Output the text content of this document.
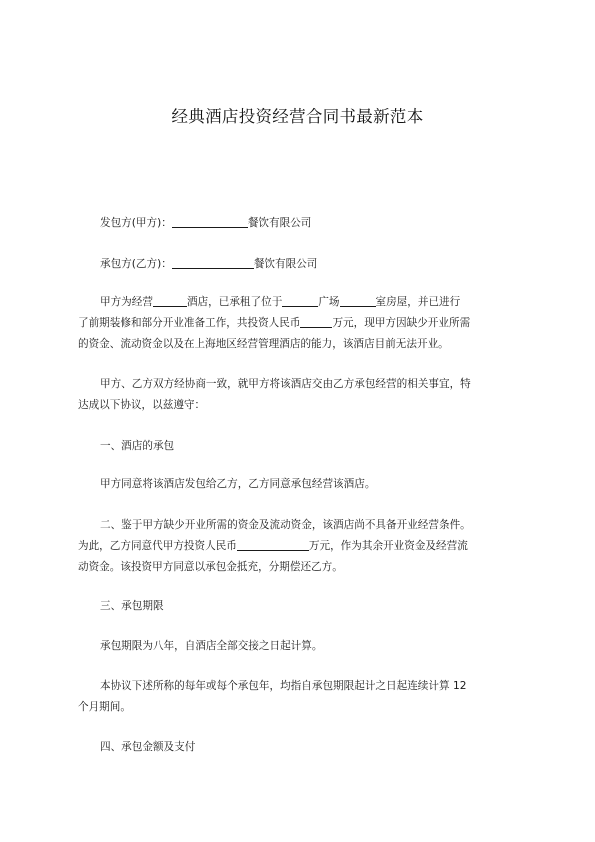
经典酒店投资经营合同书最新范本
发包方(甲方)：	餐饮有限公司
承包方(乙方)：	餐饮有限公司
甲方为经营	酒店，已承租了位于	广场	室房屋，并已进行
了前期装修和部分开业准备工作，共投资人民币	万元，现甲方因缺少开业所需
的资金、流动资金以及在上海地区经营管理酒店的能力，该酒店目前无法开业。
甲方、乙方双方经协商一致，就甲方将该酒店交由乙方承包经营的相关事宜，特
达成以下协议，以兹遵守：
一、酒店的承包
甲方同意将该酒店发包给乙方，乙方同意承包经营该酒店。
二、鉴于甲方缺少开业所需的资金及流动资金，该酒店尚不具备开业经营条件。
为此，乙方同意代甲方投资人民币	万元，作为其余开业资金及经营流
动资金。该投资甲方同意以承包金抵充，分期偿还乙方。
三、承包期限
承包期限为八年，自酒店全部交接之日起计算。
本协议下述所称的每年或每个承包年，均指自承包期限起计之日起连续计算 12
个月期间。
四、承包金额及支付
